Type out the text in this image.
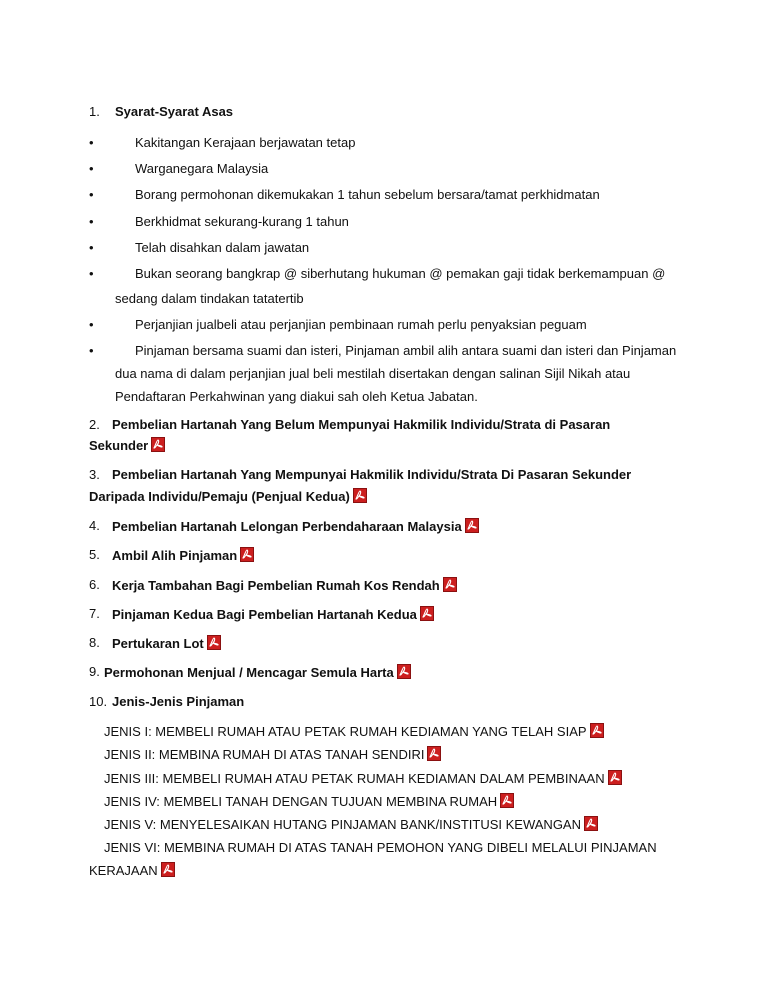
1. Syarat-Syarat Asas
•	Kakitangan Kerajaan berjawatan tetap
•	Warganegara Malaysia
•	Borang permohonan dikemukakan 1 tahun sebelum bersara/tamat perkhidmatan
•	Berkhidmat sekurang-kurang 1 tahun
•	Telah disahkan dalam jawatan
•	Bukan seorang bangkrap @ siberhutang hukuman @ pemakan gaji tidak berkemampuan @
sedang dalam tindakan tatatertib
•	Perjanjian jualbeli atau perjanjian pembinaan rumah perlu penyaksian peguam
•	Pinjaman bersama suami dan isteri, Pinjaman ambil alih antara suami dan isteri dan Pinjaman
dua nama di dalam perjanjian jual beli mestilah disertakan dengan salinan Sijil Nikah atau
Pendaftaran Perkahwinan yang diakui sah oleh Ketua Jabatan.
2. Pembelian Hartanah Yang Belum Mempunyai Hakmilik Individu/Strata di Pasaran
Sekunder
3. Pembelian Hartanah Yang Mempunyai Hakmilik Individu/Strata Di Pasaran Sekunder
Daripada Individu/Pemaju (Penjual Kedua)
4. Pembelian Hartanah Lelongan Perbendaharaan Malaysia
5. Ambil Alih Pinjaman
6. Kerja Tambahan Bagi Pembelian Rumah Kos Rendah
7. Pinjaman Kedua Bagi Pembelian Hartanah Kedua
8. Pertukaran Lot
9. Permohonan Menjual / Mencagar Semula Harta
10. Jenis-Jenis Pinjaman
JENIS I: MEMBELI RUMAH ATAU PETAK RUMAH KEDIAMAN YANG TELAH SIAP
JENIS II: MEMBINA RUMAH DI ATAS TANAH SENDIRI
JENIS III: MEMBELI RUMAH ATAU PETAK RUMAH KEDIAMAN DALAM PEMBINAAN
JENIS IV: MEMBELI TANAH DENGAN TUJUAN MEMBINA RUMAH
JENIS V: MENYELESAIKAN HUTANG PINJAMAN BANK/INSTITUSI KEWANGAN
JENIS VI: MEMBINA RUMAH DI ATAS TANAH PEMOHON YANG DIBELI MELALUI PINJAMAN
KERAJAAN
